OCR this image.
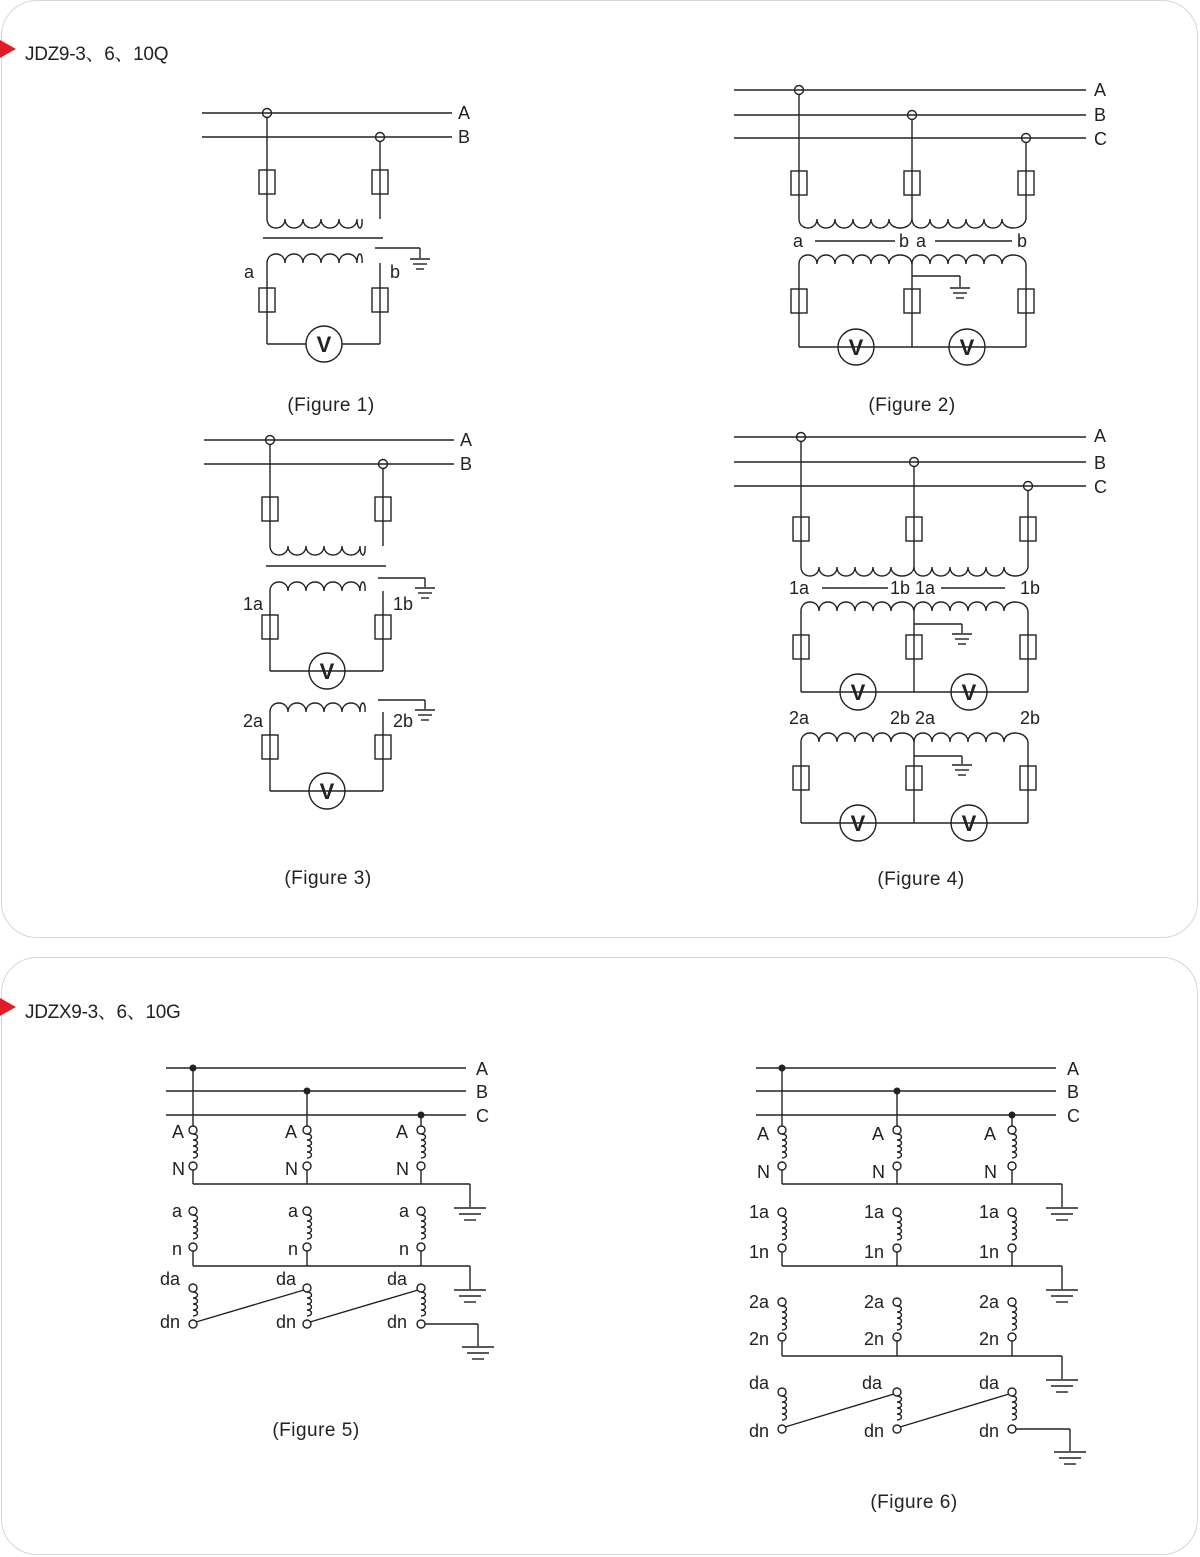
JDZ9-3、6、10Q
JDZX9-3、6、10G
A
B
a	b
V
(Figure 1)
A
B
C
a	b a	b
V	V
(Figure 2)
A
B
1a	1b
V
2a	2b
V
(Figure 3)
A
B
C
1a	1b 1a	1b
V	V
2a	2b 2a	2b
V	V
(Figure 4)
A
B
C
A
N
A
N
A
N
a
n
a
n
a
n
da
dn
da
dn
da
dn
(Figure 5)
A
B
C
A
N
A
N
A
N
1a
1n
1a
1n
1a
1n
2a
2n
2a
2n
2a
2n
da
dn
da
dn
da
dn
(Figure 6)
